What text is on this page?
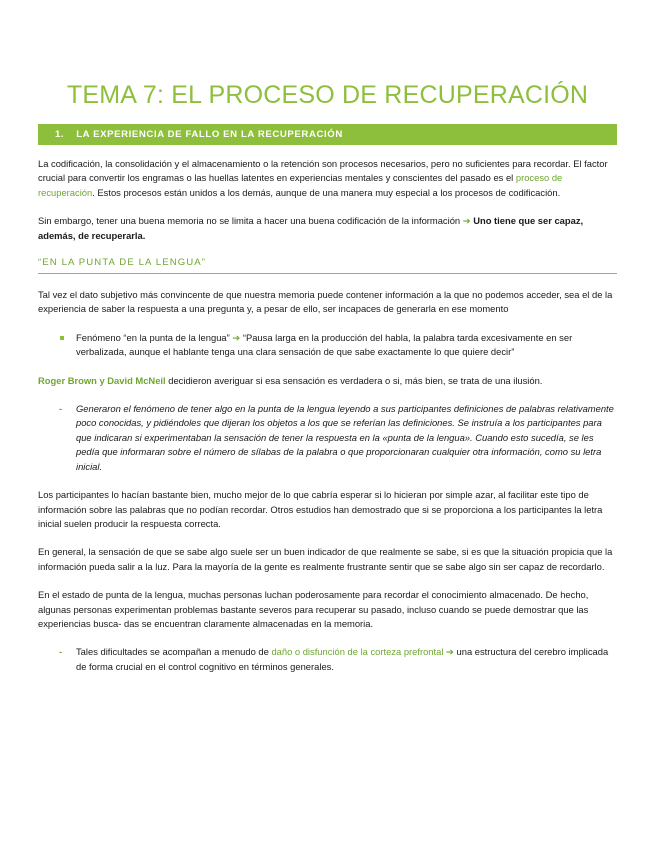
TEMA 7: EL PROCESO DE RECUPERACIÓN
1. LA EXPERIENCIA DE FALLO EN LA RECUPERACIÓN

La codificación, la consolidación y el almacenamiento o la retención son procesos necesarios, pero no suficientes para recordar. El factor crucial para convertir los engramas o las huellas latentes en experiencias mentales y conscientes del pasado es el proceso de recuperación. Estos procesos están unidos a los demás, aunque de una manera muy especial a los procesos de codificación.

Sin embargo, tener una buena memoria no se limita a hacer una buena codificación de la información ➔ Uno tiene que ser capaz, además, de recuperarla.

“EN LA PUNTA DE LA LENGUA”

Tal vez el dato subjetivo más convincente de que nuestra memoria puede contener información a la que no podemos acceder, sea el de la experiencia de saber la respuesta a una pregunta y, a pesar de ello, ser incapaces de generarla en ese momento

Fenómeno “en la punta de la lengua” ➔ “Pausa larga en la producción del habla, la palabra tarda excesivamente en ser verbalizada, aunque el hablante tenga una clara sensación de que sabe exactamente lo que quiere decir”

Roger Brown y David McNeil decidieron averiguar si esa sensación es verdadera o si, más bien, se trata de una ilusión.

- Generaron el fenómeno de tener algo en la punta de la lengua leyendo a sus participantes definiciones de palabras relativamente poco conocidas, y pidiéndoles que dijeran los objetos a los que se referían las definiciones. Se instruía a los participantes para que indicaran si experimentaban la sensación de tener la respuesta en la «punta de la lengua». Cuando esto sucedía, se les pedía que informaran sobre el número de sílabas de la palabra o que proporcionaran cualquier otra información, como su letra inicial.

Los participantes lo hacían bastante bien, mucho mejor de lo que cabría esperar si lo hicieran por simple azar, al facilitar este tipo de información sobre las palabras que no podían recordar. Otros estudios han demostrado que si se proporciona a los participantes la letra inicial suelen producir la respuesta correcta.

En general, la sensación de que se sabe algo suele ser un buen indicador de que realmente se sabe, si es que la situación propicia que la información pueda salir a la luz. Para la mayoría de la gente es realmente frustrante sentir que se sabe algo sin ser capaz de recordarlo.

En el estado de punta de la lengua, muchas personas luchan poderosamente para recordar el conocimiento almacenado. De hecho, algunas personas experimentan problemas bastante severos para recuperar su pasado, incluso cuando se puede demostrar que las experiencias busca- das se encuentran claramente almacenadas en la memoria.

- Tales dificultades se acompañan a menudo de daño o disfunción de la corteza prefrontal ➔ una estructura del cerebro implicada de forma crucial en el control cognitivo en términos generales.
